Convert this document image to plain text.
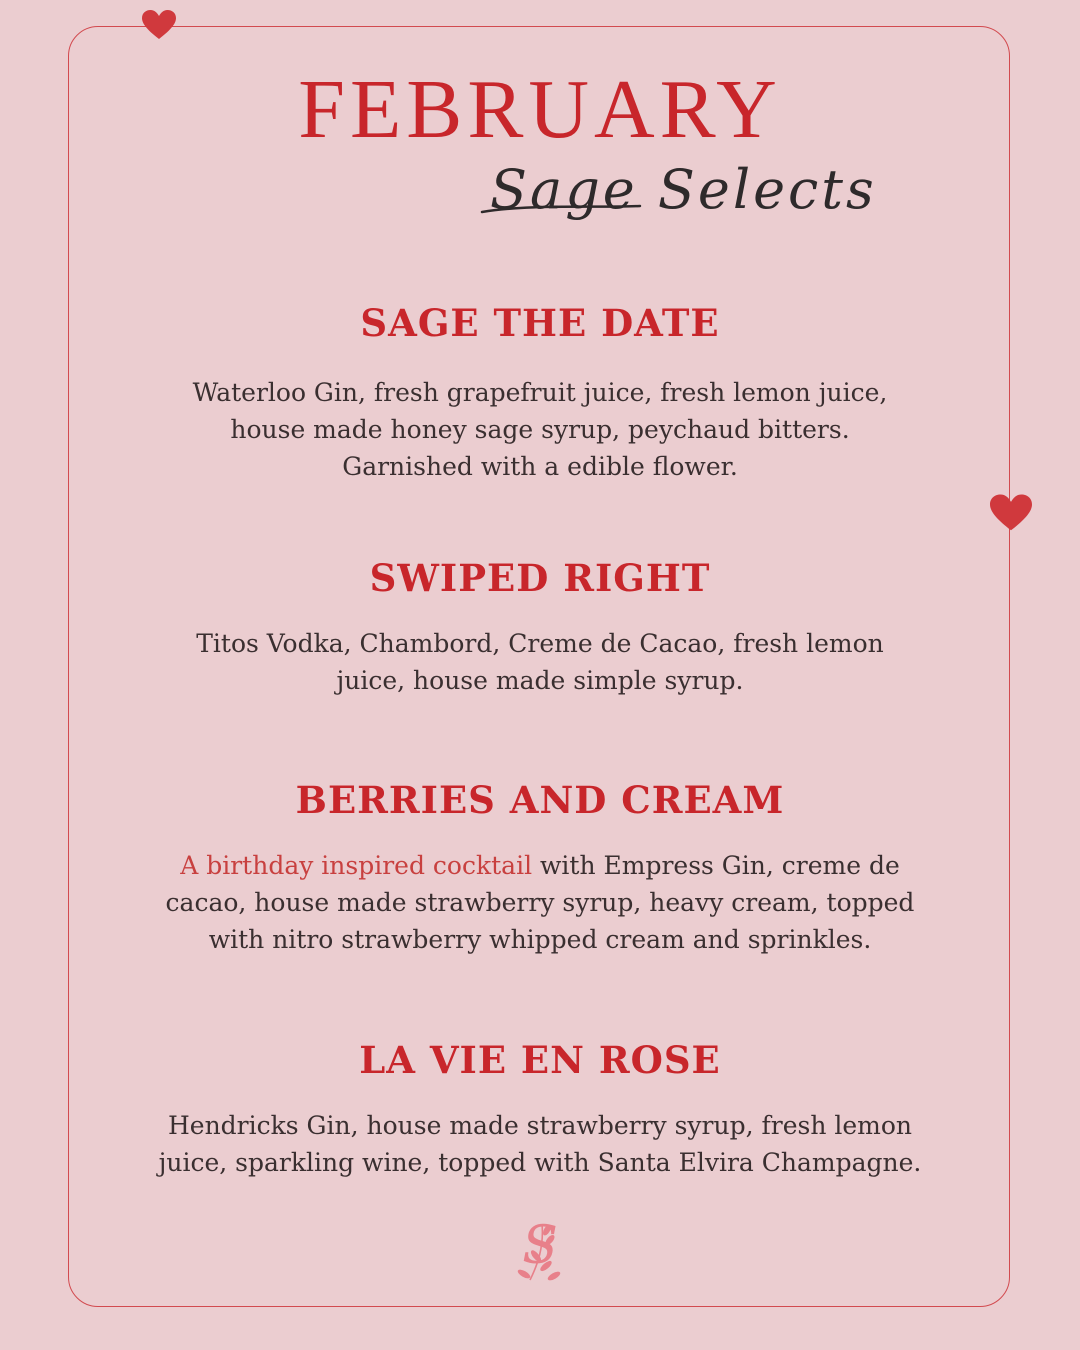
FEBRUARY
Sage Selects
SAGE THE DATE

Waterloo Gin, fresh grapefruit juice, fresh lemon juice,
house made honey sage syrup, peychaud bitters.
Garnished with a edible flower.

SWIPED RIGHT

Titos Vodka, Chambord, Creme de Cacao, fresh lemon
juice, house made simple syrup.

BERRIES AND CREAM

A birthday inspired cocktail with Empress Gin, creme de
cacao, house made strawberry syrup, heavy cream, topped
with nitro strawberry whipped cream and sprinkles.

LA VIE EN ROSE

Hendricks Gin, house made strawberry syrup, fresh lemon
juice, sparkling wine, topped with Santa Elvira Champagne.

S
